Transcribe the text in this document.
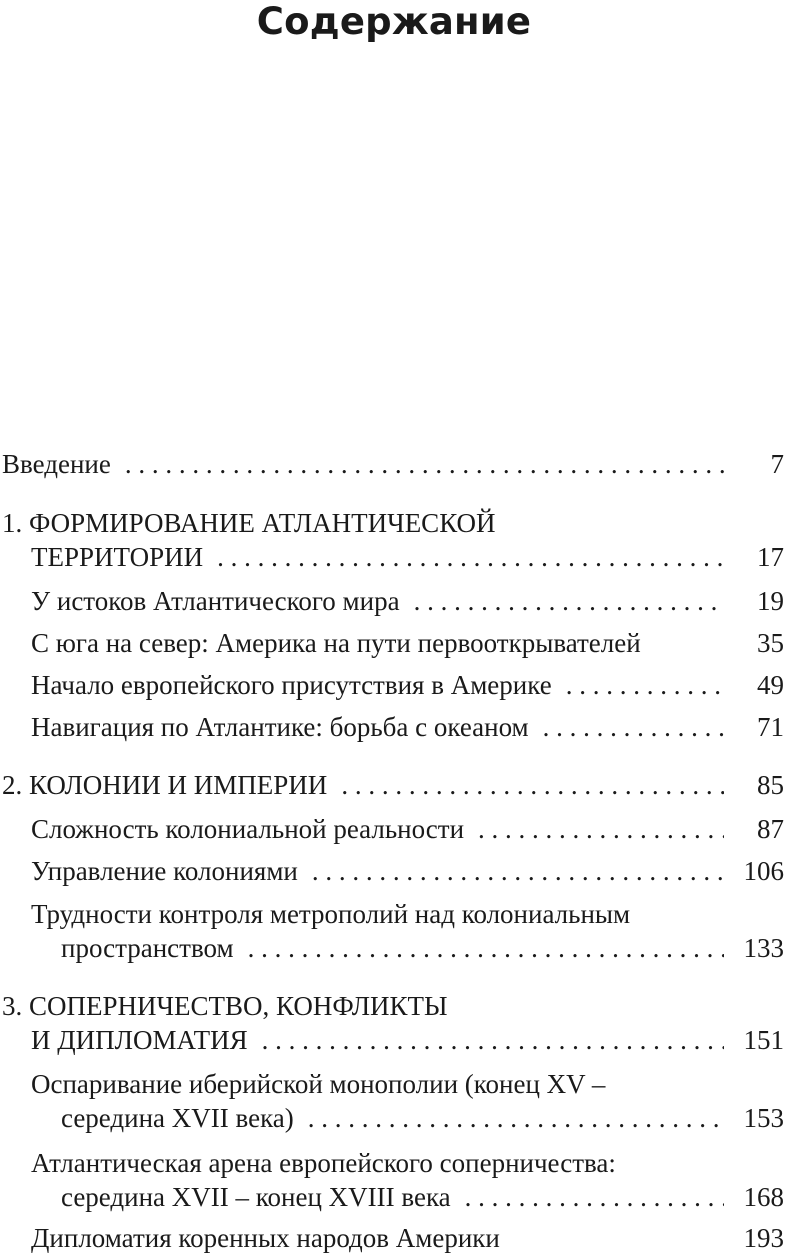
Содержание
Введение . . .	7
1. ФОРМИРОВАНИЕ АТЛАНТИЧЕСКОЙ
ТЕРРИТОРИИ . . .	17
У истоков Атлантического мира . . .	19
С юга на север: Америка на пути первооткрывателей	35
Начало европейского присутствия в Америке . . .	49
Навигация по Атлантике: борьба с океаном . . .	71
2. КОЛОНИИ И ИМПЕРИИ . . .	85
Сложность колониальной реальности . . .	87
Управление колониями . . .	106
Трудности контроля метрополий над колониальным
пространством . . .	133
3. СОПЕРНИЧЕСТВО, КОНФЛИКТЫ
И ДИПЛОМАТИЯ . . .	151
Оспаривание иберийской монополии (конец XV –
середина XVII века) . . .	153
Атлантическая арена европейского соперничества:
середина XVII – конец XVIII века . . .	168
Дипломатия коренных народов Америки	193
